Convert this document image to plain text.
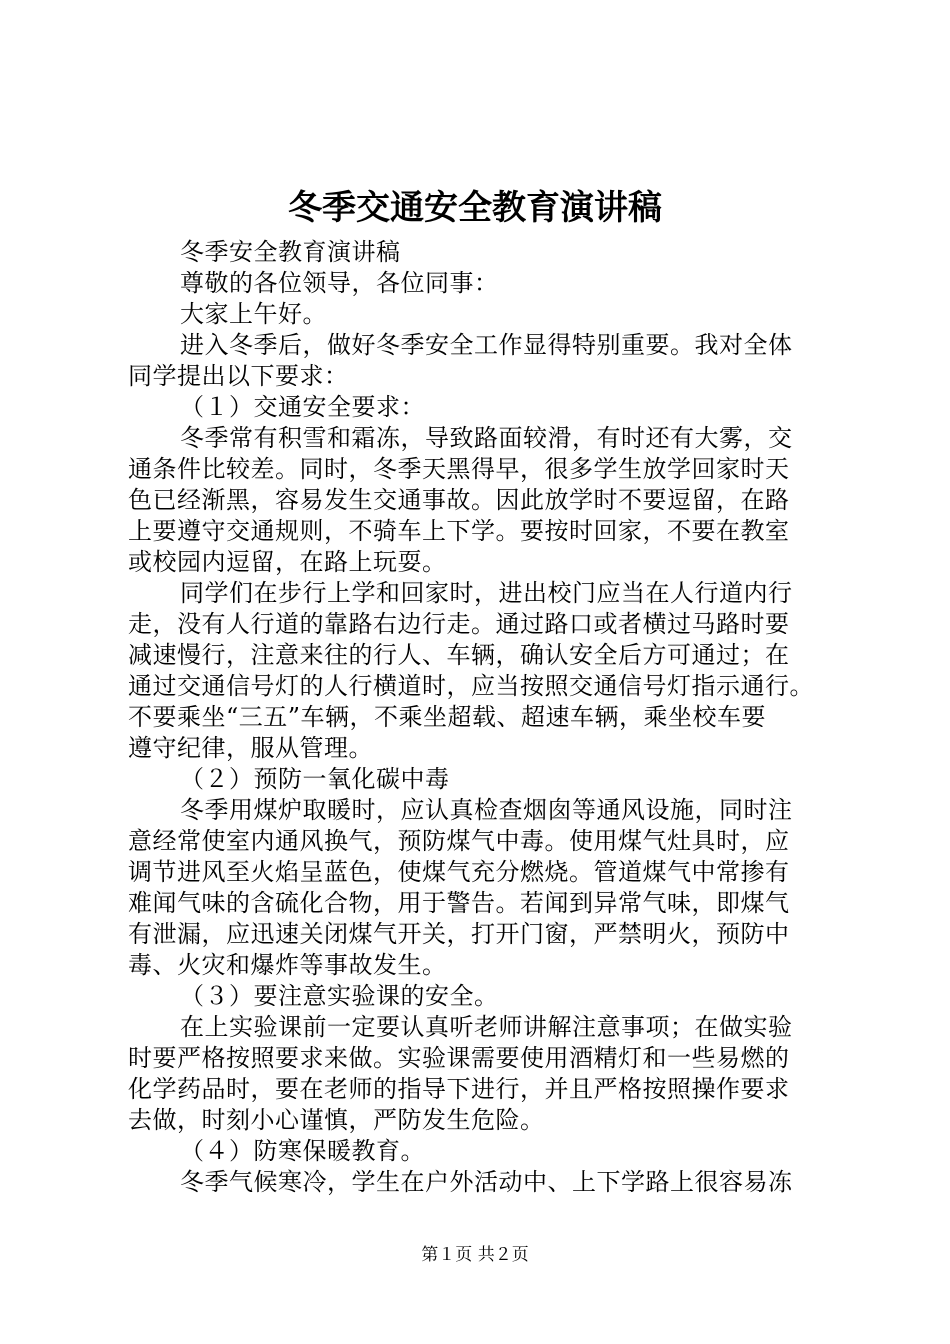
冬季交通安全教育演讲稿

冬季安全教育演讲稿

尊敬的各位领导，各位同事：

大家上午好。

进入冬季后，做好冬季安全工作显得特别重要。我对全体

同学提出以下要求：

（１）交通安全要求：

冬季常有积雪和霜冻，导致路面较滑，有时还有大雾，交

通条件比较差。同时，冬季天黑得早，很多学生放学回家时天

色已经渐黑，容易发生交通事故。因此放学时不要逗留，在路

上要遵守交通规则，不骑车上下学。要按时回家，不要在教室

或校园内逗留，在路上玩耍。

同学们在步行上学和回家时，进出校门应当在人行道内行

走，没有人行道的靠路右边行走。通过路口或者横过马路时要

减速慢行，注意来往的行人、车辆，确认安全后方可通过；在

通过交通信号灯的人行横道时，应当按照交通信号灯指示通行。

不要乘坐“三五”车辆，不乘坐超载、超速车辆，乘坐校车要

遵守纪律，服从管理。

（２）预防一氧化碳中毒

冬季用煤炉取暖时，应认真检查烟囱等通风设施，同时注

意经常使室内通风换气，预防煤气中毒。使用煤气灶具时，应

调节进风至火焰呈蓝色，使煤气充分燃烧。管道煤气中常掺有

难闻气味的含硫化合物，用于警告。若闻到异常气味，即煤气

有泄漏，应迅速关闭煤气开关，打开门窗，严禁明火，预防中

毒、火灾和爆炸等事故发生。

（３）要注意实验课的安全。

在上实验课前一定要认真听老师讲解注意事项；在做实验

时要严格按照要求来做。实验课需要使用酒精灯和一些易燃的

化学药品时，要在老师的指导下进行，并且严格按照操作要求

去做，时刻小心谨慎，严防发生危险。

（４）防寒保暖教育。

冬季气候寒冷，学生在户外活动中、上下学路上很容易冻

第１页 共２页
